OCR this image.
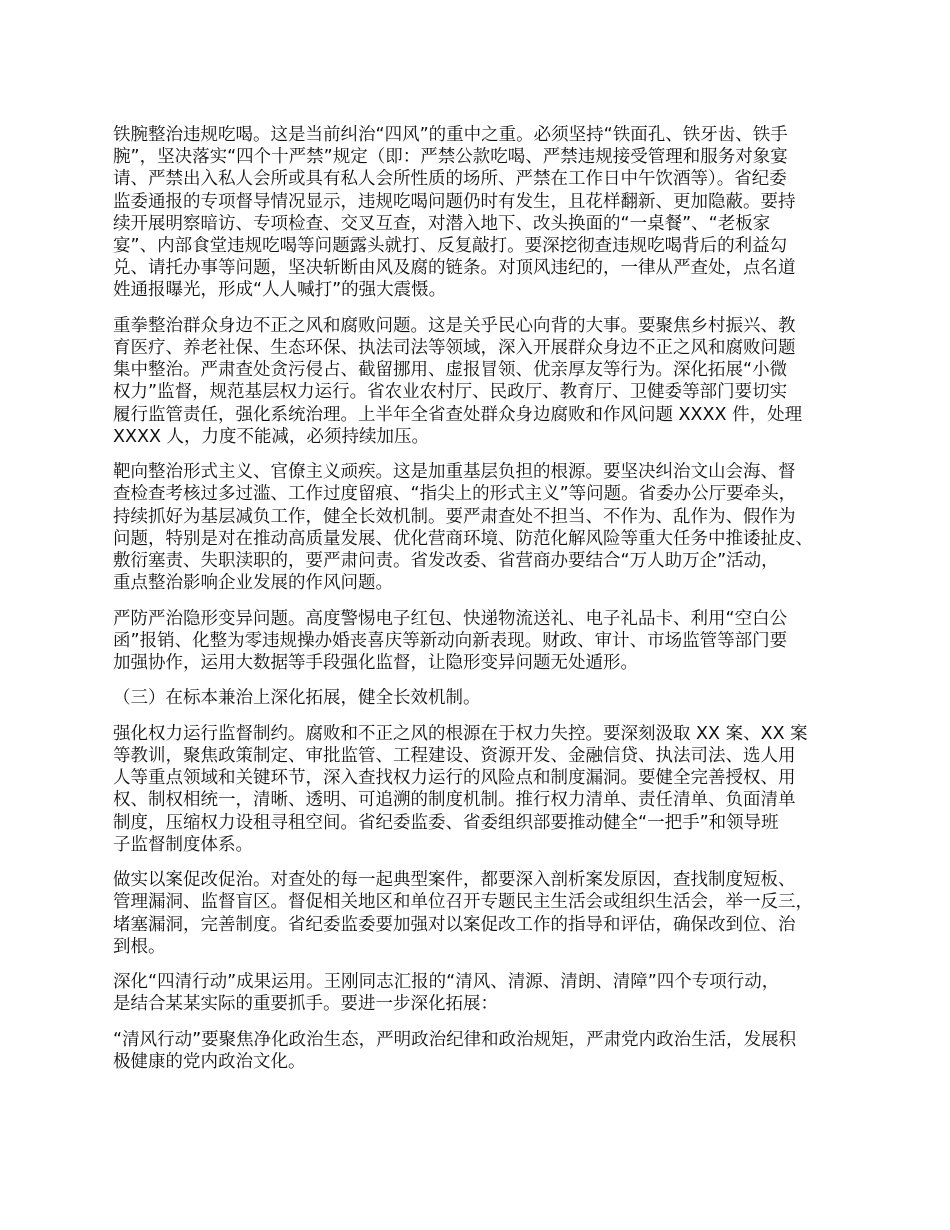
铁腕整治违规吃喝。这是当前纠治“四风”的重中之重。必须坚持“铁面孔、铁牙齿、铁手
腕”，坚决落实“四个十严禁”规定（即：严禁公款吃喝、严禁违规接受管理和服务对象宴
请、严禁出入私人会所或具有私人会所性质的场所、严禁在工作日中午饮酒等）。省纪委
监委通报的专项督导情况显示，违规吃喝问题仍时有发生，且花样翻新、更加隐蔽。要持
续开展明察暗访、专项检查、交叉互查，对潜入地下、改头换面的“一桌餐”、“老板家
宴”、内部食堂违规吃喝等问题露头就打、反复敲打。要深挖彻查违规吃喝背后的利益勾
兑、请托办事等问题，坚决斩断由风及腐的链条。对顶风违纪的，一律从严查处，点名道
姓通报曝光，形成“人人喊打”的强大震慑。

重拳整治群众身边不正之风和腐败问题。这是关乎民心向背的大事。要聚焦乡村振兴、教
育医疗、养老社保、生态环保、执法司法等领域，深入开展群众身边不正之风和腐败问题
集中整治。严肃查处贪污侵占、截留挪用、虚报冒领、优亲厚友等行为。深化拓展“小微
权力”监督，规范基层权力运行。省农业农村厅、民政厅、教育厅、卫健委等部门要切实
履行监管责任，强化系统治理。上半年全省查处群众身边腐败和作风问题 XXXX 件，处理
XXXX 人，力度不能减，必须持续加压。

靶向整治形式主义、官僚主义顽疾。这是加重基层负担的根源。要坚决纠治文山会海、督
查检查考核过多过滥、工作过度留痕、“指尖上的形式主义”等问题。省委办公厅要牵头，
持续抓好为基层减负工作，健全长效机制。要严肃查处不担当、不作为、乱作为、假作为
问题，特别是对在推动高质量发展、优化营商环境、防范化解风险等重大任务中推诿扯皮、
敷衍塞责、失职渎职的，要严肃问责。省发改委、省营商办要结合“万人助万企”活动，
重点整治影响企业发展的作风问题。

严防严治隐形变异问题。高度警惕电子红包、快递物流送礼、电子礼品卡、利用“空白公
函”报销、化整为零违规操办婚丧喜庆等新动向新表现。财政、审计、市场监管等部门要
加强协作，运用大数据等手段强化监督，让隐形变异问题无处遁形。

（三）在标本兼治上深化拓展，健全长效机制。

强化权力运行监督制约。腐败和不正之风的根源在于权力失控。要深刻汲取 XX 案、XX 案
等教训，聚焦政策制定、审批监管、工程建设、资源开发、金融信贷、执法司法、选人用
人等重点领域和关键环节，深入查找权力运行的风险点和制度漏洞。要健全完善授权、用
权、制权相统一，清晰、透明、可追溯的制度机制。推行权力清单、责任清单、负面清单
制度，压缩权力设租寻租空间。省纪委监委、省委组织部要推动健全“一把手”和领导班
子监督制度体系。

做实以案促改促治。对查处的每一起典型案件，都要深入剖析案发原因，查找制度短板、
管理漏洞、监督盲区。督促相关地区和单位召开专题民主生活会或组织生活会，举一反三，
堵塞漏洞，完善制度。省纪委监委要加强对以案促改工作的指导和评估，确保改到位、治
到根。

深化“四清行动”成果运用。王刚同志汇报的“清风、清源、清朗、清障”四个专项行动，
是结合某某实际的重要抓手。要进一步深化拓展：

“清风行动”要聚焦净化政治生态，严明政治纪律和政治规矩，严肃党内政治生活，发展积
极健康的党内政治文化。
